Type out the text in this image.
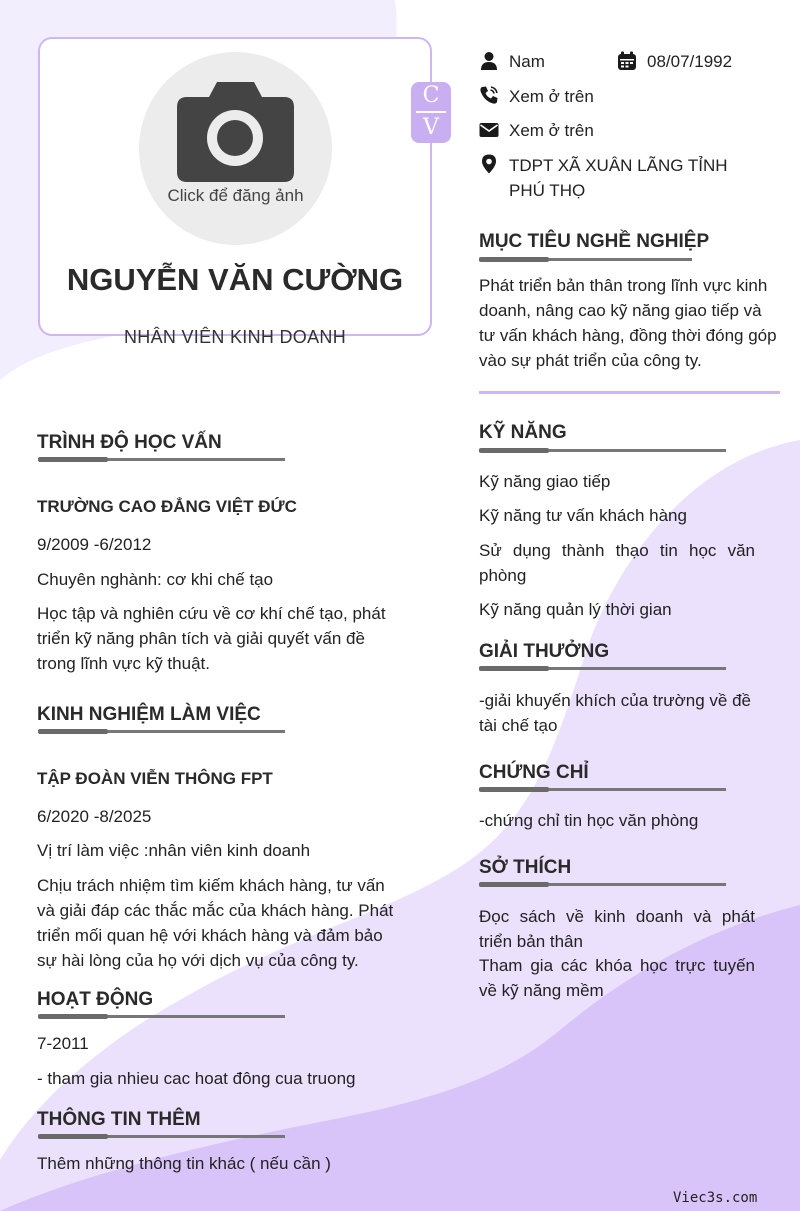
Click để đăng ảnh
NGUYỄN VĂN CƯỜNG
NHÂN VIÊN KINH DOANH
C
V
Nam	08/07/1992
Xem ở trên
Xem ở trên
TDPT XÃ XUÂN LÃNG TỈNH PHÚ THỌ
MỤC TIÊU NGHỀ NGHIỆP
Phát triển bản thân trong lĩnh vực kinh doanh, nâng cao kỹ năng giao tiếp và tư vấn khách hàng, đồng thời đóng góp vào sự phát triển của công ty.
TRÌNH ĐỘ HỌC VẤN
TRƯỜNG CAO ĐẲNG VIỆT ĐỨC
9/2009 -6/2012
Chuyên nghành: cơ khi chế tạo
Học tập và nghiên cứu về cơ khí chế tạo, phát triển kỹ năng phân tích và giải quyết vấn đề trong lĩnh vực kỹ thuật.
KINH NGHIỆM LÀM VIỆC
TẬP ĐOÀN VIỄN THÔNG FPT
6/2020 -8/2025
Vị trí làm việc :nhân viên kinh doanh
Chịu trách nhiệm tìm kiếm khách hàng, tư vấn và giải đáp các thắc mắc của khách hàng. Phát triển mối quan hệ với khách hàng và đảm bảo sự hài lòng của họ với dịch vụ của công ty.
HOẠT ĐỘNG
7-2011
- tham gia nhieu cac hoat đông cua truong
THÔNG TIN THÊM
Thêm những thông tin khác ( nếu cần )
KỸ NĂNG
Kỹ năng giao tiếp
Kỹ năng tư vấn khách hàng
Sử dụng thành thạo tin học văn phòng
Kỹ năng quản lý thời gian
GIẢI THƯỞNG
-giải khuyến khích của trường về đề tài chế tạo
CHỨNG CHỈ
-chứng chỉ tin học văn phòng
SỞ THÍCH
Đọc sách về kinh doanh và phát triển bản thân
Tham gia các khóa học trực tuyến về kỹ năng mềm
Viec3s.com
